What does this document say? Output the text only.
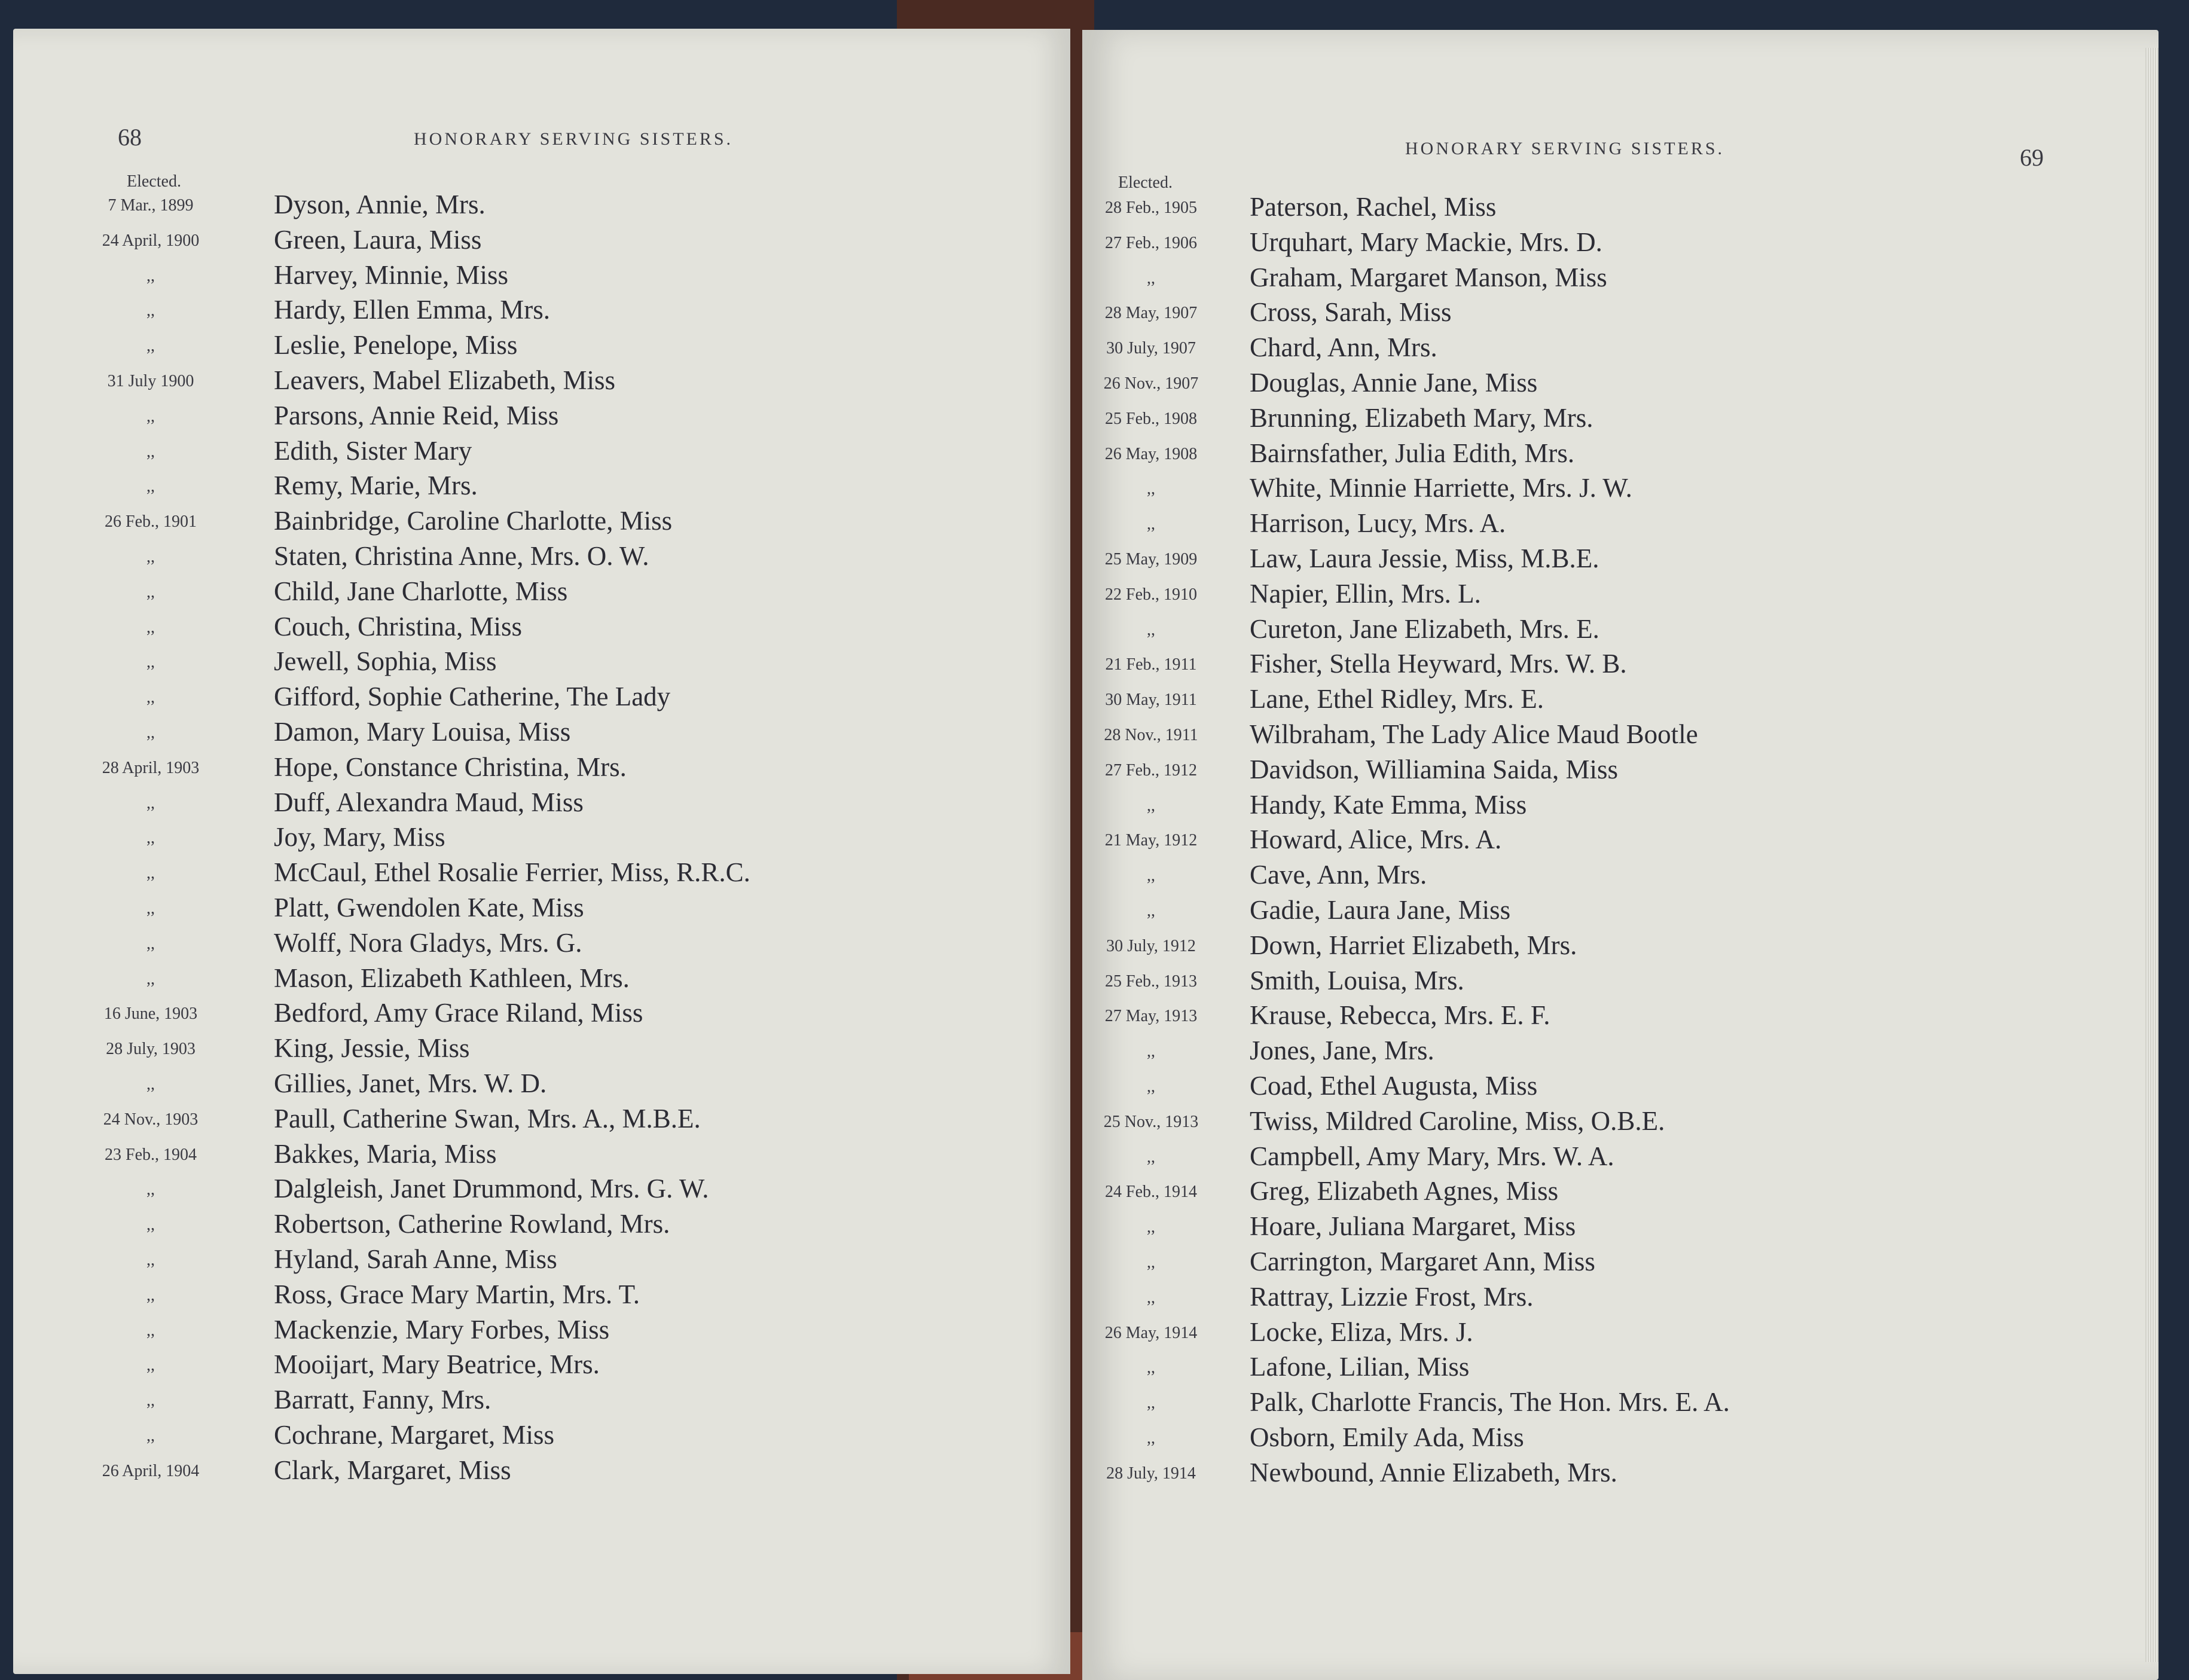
68	HONORARY SERVING SISTERS.
Elected.
7 Mar., 1899	Dyson, Annie, Mrs.
24 April, 1900	Green, Laura, Miss
,,	Harvey, Minnie, Miss
,,	Hardy, Ellen Emma, Mrs.
,,	Leslie, Penelope, Miss
31 July 1900	Leavers, Mabel Elizabeth, Miss
,,	Parsons, Annie Reid, Miss
,,	Edith, Sister Mary
,,	Remy, Marie, Mrs.
26 Feb., 1901	Bainbridge, Caroline Charlotte, Miss
,,	Staten, Christina Anne, Mrs. O. W.
,,	Child, Jane Charlotte, Miss
,,	Couch, Christina, Miss
,,	Jewell, Sophia, Miss
,,	Gifford, Sophie Catherine, The Lady
,,	Damon, Mary Louisa, Miss
28 April, 1903	Hope, Constance Christina, Mrs.
,,	Duff, Alexandra Maud, Miss
,,	Joy, Mary, Miss
,,	McCaul, Ethel Rosalie Ferrier, Miss, R.R.C.
,,	Platt, Gwendolen Kate, Miss
,,	Wolff, Nora Gladys, Mrs. G.
,,	Mason, Elizabeth Kathleen, Mrs.
16 June, 1903	Bedford, Amy Grace Riland, Miss
28 July, 1903	King, Jessie, Miss
,,	Gillies, Janet, Mrs. W. D.
24 Nov., 1903	Paull, Catherine Swan, Mrs. A., M.B.E.
23 Feb., 1904	Bakkes, Maria, Miss
,,	Dalgleish, Janet Drummond, Mrs. G. W.
,,	Robertson, Catherine Rowland, Mrs.
,,	Hyland, Sarah Anne, Miss
,,	Ross, Grace Mary Martin, Mrs. T.
,,	Mackenzie, Mary Forbes, Miss
,,	Mooijart, Mary Beatrice, Mrs.
,,	Barratt, Fanny, Mrs.
,,	Cochrane, Margaret, Miss
26 April, 1904	Clark, Margaret, Miss
69
HONORARY SERVING SISTERS.
Elected.
28 Feb., 1905	Paterson, Rachel, Miss
27 Feb., 1906	Urquhart, Mary Mackie, Mrs. D.
,,	Graham, Margaret Manson, Miss
28 May, 1907	Cross, Sarah, Miss
30 July, 1907	Chard, Ann, Mrs.
26 Nov., 1907	Douglas, Annie Jane, Miss
25 Feb., 1908	Brunning, Elizabeth Mary, Mrs.
26 May, 1908	Bairnsfather, Julia Edith, Mrs.
,,	White, Minnie Harriette, Mrs. J. W.
,,	Harrison, Lucy, Mrs. A.
25 May, 1909	Law, Laura Jessie, Miss, M.B.E.
22 Feb., 1910	Napier, Ellin, Mrs. L.
,,	Cureton, Jane Elizabeth, Mrs. E.
21 Feb., 1911	Fisher, Stella Heyward, Mrs. W. B.
30 May, 1911	Lane, Ethel Ridley, Mrs. E.
28 Nov., 1911	Wilbraham, The Lady Alice Maud Bootle
27 Feb., 1912	Davidson, Williamina Saida, Miss
,,	Handy, Kate Emma, Miss
21 May, 1912	Howard, Alice, Mrs. A.
,,	Cave, Ann, Mrs.
,,	Gadie, Laura Jane, Miss
30 July, 1912	Down, Harriet Elizabeth, Mrs.
25 Feb., 1913	Smith, Louisa, Mrs.
27 May, 1913	Krause, Rebecca, Mrs. E. F.
,,	Jones, Jane, Mrs.
,,	Coad, Ethel Augusta, Miss
25 Nov., 1913	Twiss, Mildred Caroline, Miss, O.B.E.
,,	Campbell, Amy Mary, Mrs. W. A.
24 Feb., 1914	Greg, Elizabeth Agnes, Miss
,,	Hoare, Juliana Margaret, Miss
,,	Carrington, Margaret Ann, Miss
,,	Rattray, Lizzie Frost, Mrs.
26 May, 1914	Locke, Eliza, Mrs. J.
,,	Lafone, Lilian, Miss
,,	Palk, Charlotte Francis, The Hon. Mrs. E. A.
,,	Osborn, Emily Ada, Miss
28 July, 1914	Newbound, Annie Elizabeth, Mrs.
